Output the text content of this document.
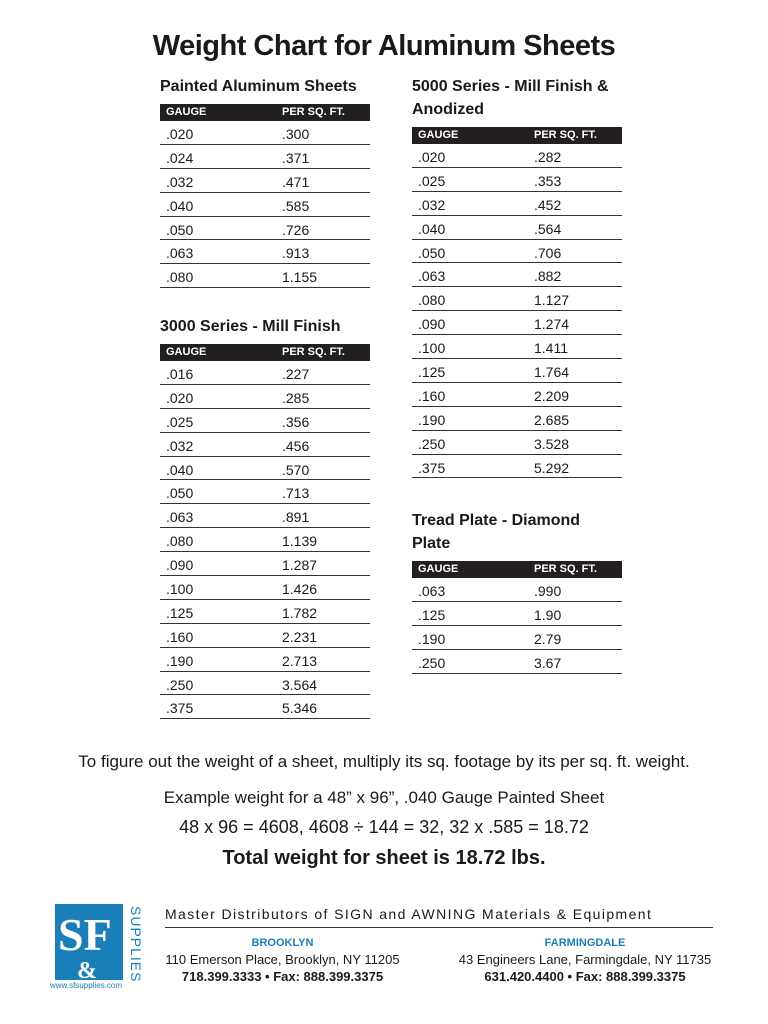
Weight Chart for Aluminum Sheets
Painted Aluminum Sheets
GAUGE	PER SQ. FT.
.020	.300
.024	.371
.032	.471
.040	.585
.050	.726
.063	.913
.080	1.155
3000 Series - Mill Finish
GAUGE	PER SQ. FT.
.016	.227
.020	.285
.025	.356
.032	.456
.040	.570
.050	.713
.063	.891
.080	1.139
.090	1.287
.100	1.426
.125	1.782
.160	2.231
.190	2.713
.250	3.564
.375	5.346
5000 Series - Mill Finish & Anodized
GAUGE	PER SQ. FT.
.020	.282
.025	.353
.032	.452
.040	.564
.050	.706
.063	.882
.080	1.127
.090	1.274
.100	1.411
.125	1.764
.160	2.209
.190	2.685
.250	3.528
.375	5.292
Tread Plate - Diamond Plate
GAUGE	PER SQ. FT.
.063	.990
.125	1.90
.190	2.79
.250	3.67
To figure out the weight of a sheet, multiply its sq. footage by its per sq. ft. weight.
Example weight for a 48” x 96”, .040 Gauge Painted Sheet
48 x 96 = 4608, 4608 ÷ 144 = 32, 32 x .585 = 18.72
Total weight for sheet is 18.72 lbs.
SF
& SUPPLIES
www.sfsupplies.com
Master Distributors of SIGN and AWNING Materials & Equipment
BROOKLYN
110 Emerson Place, Brooklyn, NY 11205
718.399.3333 • Fax: 888.399.3375
FARMINGDALE
43 Engineers Lane, Farmingdale, NY 11735
631.420.4400 • Fax: 888.399.3375
